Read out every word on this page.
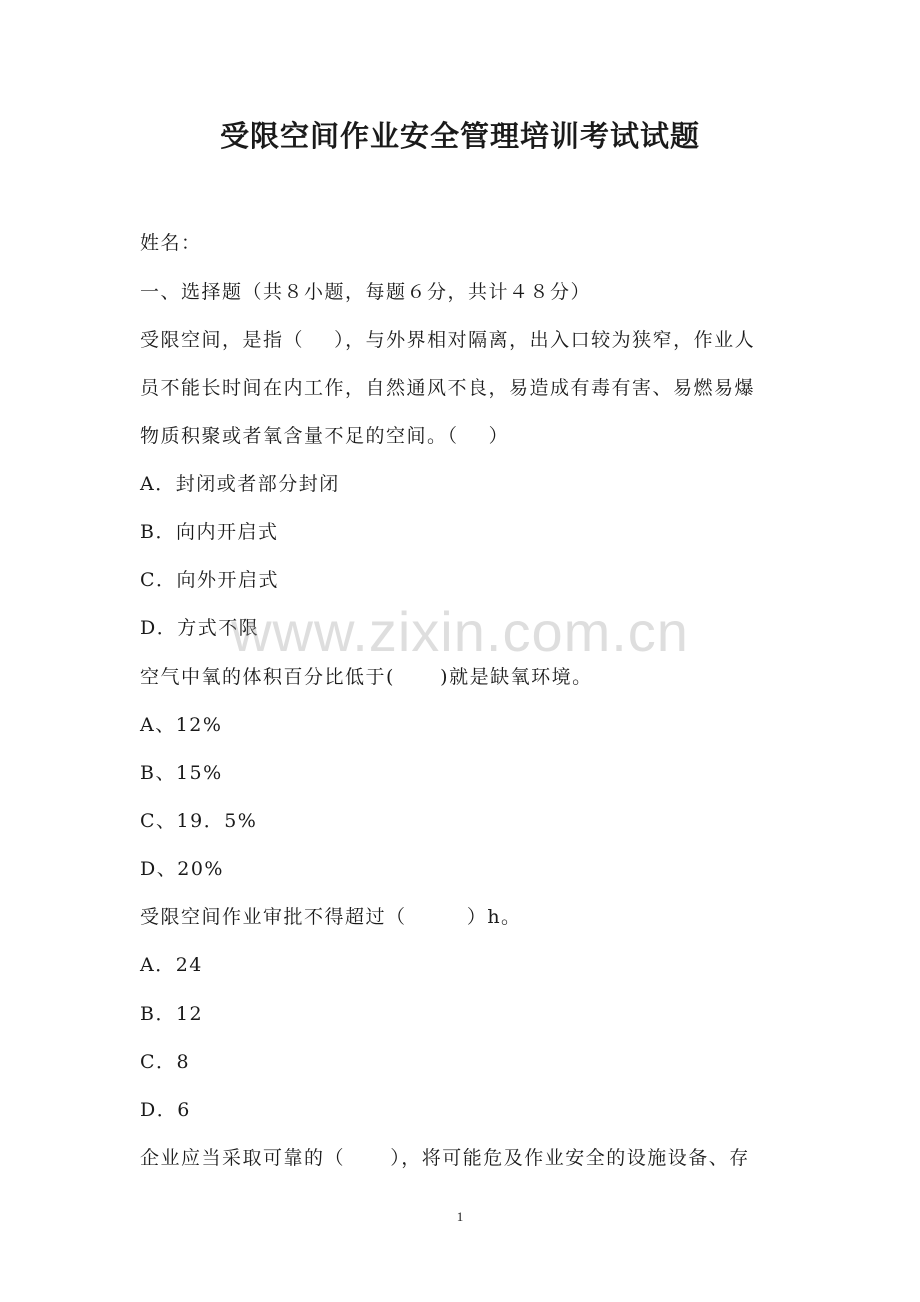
受限空间作业安全管理培训考试试题
姓名：
一、选择题（共８小题，每题６分，共计４８分）
受限空间，是指（    ），与外界相对隔离，出入口较为狭窄，作业人
员不能长时间在内工作，自然通风不良，易造成有毒有害、易燃易爆
物质积聚或者氧含量不足的空间。（    ）
A．封闭或者部分封闭
B．向内开启式
C．向外开启式
D．方式不限
空气中氧的体积百分比低于(      )就是缺氧环境。
A、12%
B、15%
C、19．5%
D、20%
受限空间作业审批不得超过（        ）h。
A．24
B．12
C．8
D．6
企业应当采取可靠的（      ），将可能危及作业安全的设施设备、存
www.zixin.com.cn
1
